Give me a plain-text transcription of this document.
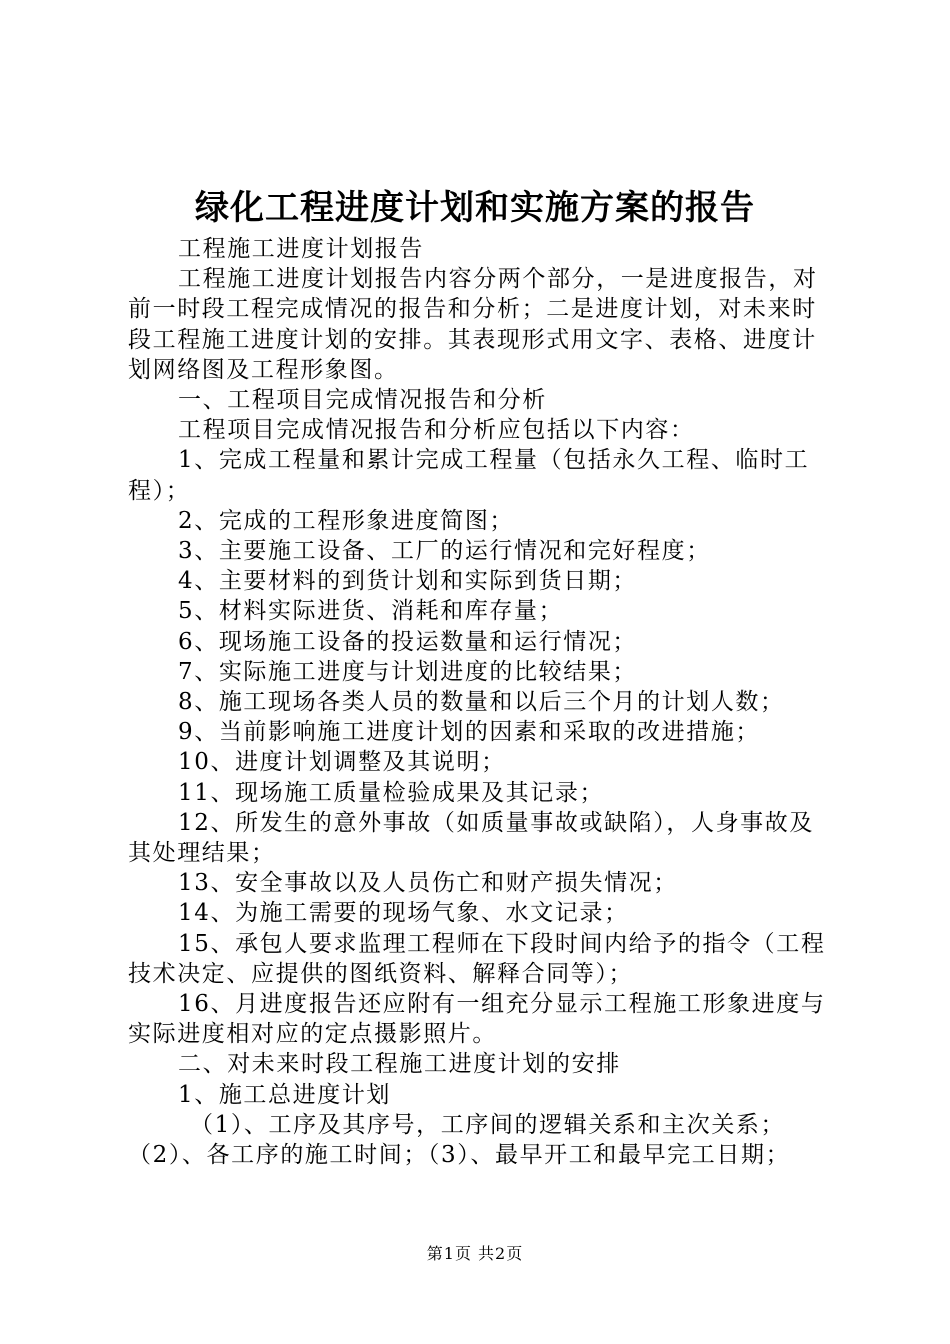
绿化工程进度计划和实施方案的报告

工程施工进度计划报告

工程施工进度计划报告内容分两个部分，一是进度报告，对前一时段工程完成情况的报告和分析；二是进度计划，对未来时段工程施工进度计划的安排。其表现形式用文字、表格、进度计划网络图及工程形象图。

一、工程项目完成情况报告和分析

工程项目完成情况报告和分析应包括以下内容：

1、完成工程量和累计完成工程量（包括永久工程、临时工程）；

2、完成的工程形象进度简图；

3、主要施工设备、工厂的运行情况和完好程度；

4、主要材料的到货计划和实际到货日期；

5、材料实际进货、消耗和库存量；

6、现场施工设备的投运数量和运行情况；

7、实际施工进度与计划进度的比较结果；

8、施工现场各类人员的数量和以后三个月的计划人数；

9、当前影响施工进度计划的因素和采取的改进措施；

10、进度计划调整及其说明；

11、现场施工质量检验成果及其记录；

12、所发生的意外事故（如质量事故或缺陷），人身事故及其处理结果；

13、安全事故以及人员伤亡和财产损失情况；

14、为施工需要的现场气象、水文记录；

15、承包人要求监理工程师在下段时间内给予的指令（工程技术决定、应提供的图纸资料、解释合同等）；

16、月进度报告还应附有一组充分显示工程施工形象进度与实际进度相对应的定点摄影照片。

二、对未来时段工程施工进度计划的安排

1、施工总进度计划

（1）、工序及其序号，工序间的逻辑关系和主次关系；（2）、各工序的施工时间；（3）、最早开工和最早完工日期；

第1页 共2页
